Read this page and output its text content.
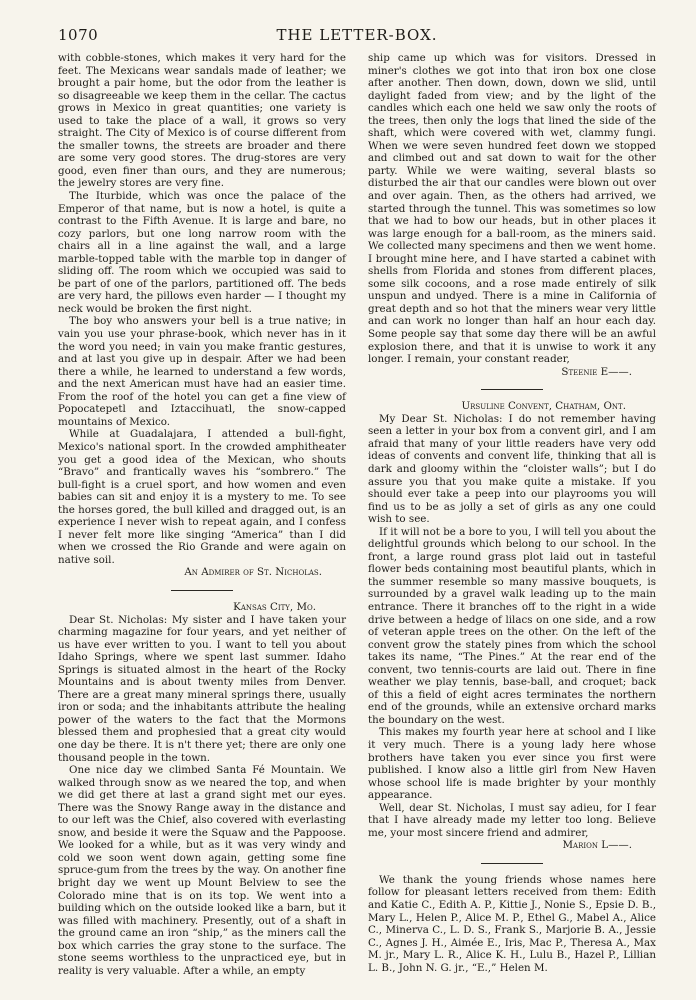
1070	THE LETTER-BOX.

with cobble-stones, which makes it very hard for the feet. The Mexicans wear sandals made of leather; we brought a pair home, but the odor from the leather is so disagreeable we keep them in the cellar. The cactus grows in Mexico in great quantities; one variety is used to take the place of a wall, it grows so very straight. The City of Mexico is of course different from the smaller towns, the streets are broader and there are some very good stores. The drug-stores are very good, even finer than ours, and they are numerous; the jewelry stores are very fine.

The Iturbide, which was once the palace of the Emperor of that name, but is now a hotel, is quite a contrast to the Fifth Avenue. It is large and bare, no cozy parlors, but one long narrow room with the chairs all in a line against the wall, and a large marble-topped table with the marble top in danger of sliding off. The room which we occupied was said to be part of one of the parlors, partitioned off. The beds are very hard, the pillows even harder — I thought my neck would be broken the first night.

The boy who answers your bell is a true native; in vain you use your phrase-book, which never has in it the word you need; in vain you make frantic gestures, and at last you give up in despair. After we had been there a while, he learned to understand a few words, and the next American must have had an easier time. From the roof of the hotel you can get a fine view of Popocatepetl and Iztaccihuatl, the snow-capped mountains of Mexico.

While at Guadalajara, I attended a bull-fight, Mexico's national sport. In the crowded amphitheater you get a good idea of the Mexican, who shouts “Bravo” and frantically waves his “sombrero.” The bull-fight is a cruel sport, and how women and even babies can sit and enjoy it is a mystery to me. To see the horses gored, the bull killed and dragged out, is an experience I never wish to repeat again, and I confess I never felt more like singing “America” than I did when we crossed the Rio Grande and were again on native soil.

An Admirer of St. Nicholas.

Kansas City, Mo.

Dear St. Nicholas: My sister and I have taken your charming magazine for four years, and yet neither of us have ever written to you. I want to tell you about Idaho Springs, where we spent last summer. Idaho Springs is situated almost in the heart of the Rocky Mountains and is about twenty miles from Denver. There are a great many mineral springs there, usually iron or soda; and the inhabitants attribute the healing power of the waters to the fact that the Mormons blessed them and prophesied that a great city would one day be there. It is n't there yet; there are only one thousand people in the town.

One nice day we climbed Santa Fé Mountain. We walked through snow as we neared the top, and when we did get there at last a grand sight met our eyes. There was the Snowy Range away in the distance and to our left was the Chief, also covered with everlasting snow, and beside it were the Squaw and the Pappoose. We looked for a while, but as it was very windy and cold we soon went down again, getting some fine spruce-gum from the trees by the way. On another fine bright day we went up Mount Belview to see the Colorado mine that is on its top. We went into a building which on the outside looked like a barn, but it was filled with machinery. Presently, out of a shaft in the ground came an iron “ship,” as the miners call the box which carries the gray stone to the surface. The stone seems worthless to the unpracticed eye, but in reality is very valuable. After a while, an empty

ship came up which was for visitors. Dressed in miner's clothes we got into that iron box one close after another. Then down, down, down we slid, until daylight faded from view; and by the light of the candles which each one held we saw only the roots of the trees, then only the logs that lined the side of the shaft, which were covered with wet, clammy fungi. When we were seven hundred feet down we stopped and climbed out and sat down to wait for the other party. While we were waiting, several blasts so disturbed the air that our candles were blown out over and over again. Then, as the others had arrived, we started through the tunnel. This was sometimes so low that we had to bow our heads, but in other places it was large enough for a ball-room, as the miners said. We collected many specimens and then we went home. I brought mine here, and I have started a cabinet with shells from Florida and stones from different places, some silk cocoons, and a rose made entirely of silk unspun and undyed. There is a mine in California of great depth and so hot that the miners wear very little and can work no longer than half an hour each day. Some people say that some day there will be an awful explosion there, and that it is unwise to work it any longer. I remain, your constant reader,

Steenie E——.

Ursuline Convent, Chatham, Ont.

My Dear St. Nicholas: I do not remember having seen a letter in your box from a convent girl, and I am afraid that many of your little readers have very odd ideas of convents and convent life, thinking that all is dark and gloomy within the “cloister walls”; but I do assure you that you make quite a mistake. If you should ever take a peep into our playrooms you will find us to be as jolly a set of girls as any one could wish to see.

If it will not be a bore to you, I will tell you about the delightful grounds which belong to our school. In the front, a large round grass plot laid out in tasteful flower beds containing most beautiful plants, which in the summer resemble so many massive bouquets, is surrounded by a gravel walk leading up to the main entrance. There it branches off to the right in a wide drive between a hedge of lilacs on one side, and a row of veteran apple trees on the other. On the left of the convent grow the stately pines from which the school takes its name, “The Pines.” At the rear end of the convent, two tennis-courts are laid out. There in fine weather we play tennis, base-ball, and croquet; back of this a field of eight acres terminates the northern end of the grounds, while an extensive orchard marks the boundary on the west.

This makes my fourth year here at school and I like it very much. There is a young lady here whose brothers have taken you ever since you first were published. I know also a little girl from New Haven whose school life is made brighter by your monthly appearance.

Well, dear St. Nicholas, I must say adieu, for I fear that I have already made my letter too long. Believe me, your most sincere friend and admirer,

Marion L——.

We thank the young friends whose names here follow for pleasant letters received from them: Edith and Katie C., Edith A. P., Kittie J., Nonie S., Epsie D. B., Mary L., Helen P., Alice M. P., Ethel G., Mabel A., Alice C., Minerva C., L. D. S., Frank S., Marjorie B. A., Jessie C., Agnes J. H., Aimée E., Iris, Mac P., Theresa A., Max M. jr., Mary L. R., Alice K. H., Lulu B., Hazel P., Lillian L. B., John N. G. jr., “E.,” Helen M.
